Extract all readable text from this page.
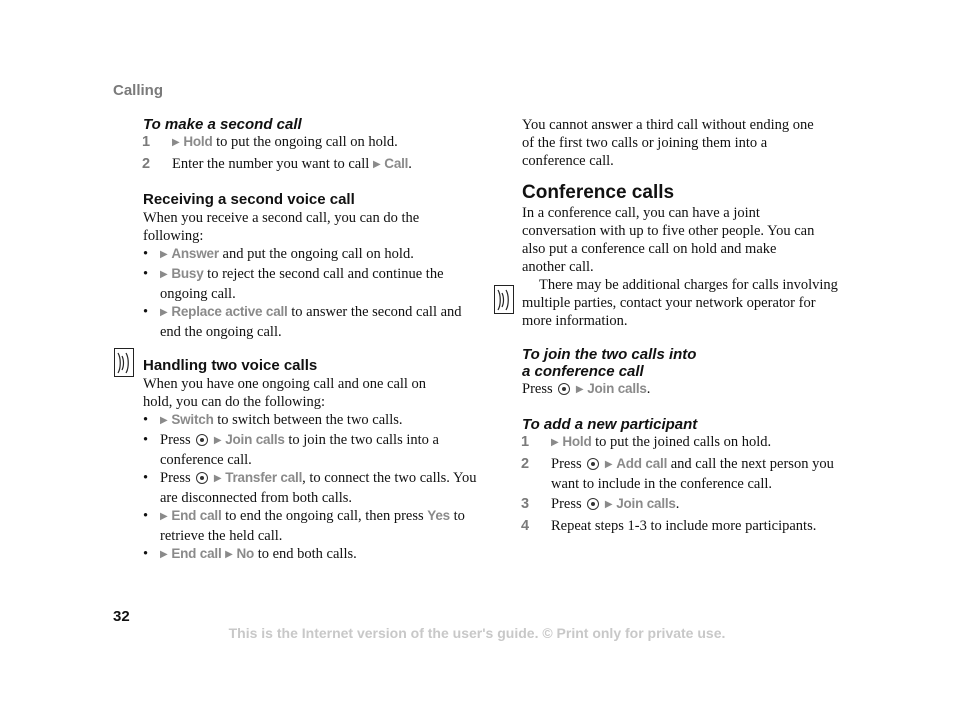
Calling

To make a second call

1 ▶ Hold to put the ongoing call on hold.
2 Enter the number you want to call ▶ Call.

Receiving a second voice call

When you receive a second call, you can do the following:

• ▶ Answer and put the ongoing call on hold.
• ▶ Busy to reject the second call and continue the ongoing call.
• ▶ Replace active call to answer the second call and end the ongoing call.

Handling two voice calls

When you have one ongoing call and one call on hold, you can do the following:

• ▶ Switch to switch between the two calls.
• Press  ▶ Join calls to join the two calls into a conference call.
• Press  ▶ Transfer call, to connect the two calls. You are disconnected from both calls.
• ▶ End call to end the ongoing call, then press Yes to retrieve the held call.
• ▶ End call ▶ No to end both calls.

You cannot answer a third call without ending one of the first two calls or joining them into a conference call.

Conference calls

In a conference call, you can have a joint conversation with up to five other people. You can also put a conference call on hold and make another call.

There may be additional charges for calls involving multiple parties, contact your network operator for more information.

To join the two calls into
a conference call

Press  ▶ Join calls.

To add a new participant

1 ▶ Hold to put the joined calls on hold.
2 Press  ▶ Add call and call the next person you want to include in the conference call.
3 Press  ▶ Join calls.
4 Repeat steps 1-3 to include more participants.
32
This is the Internet version of the user's guide. © Print only for private use.
